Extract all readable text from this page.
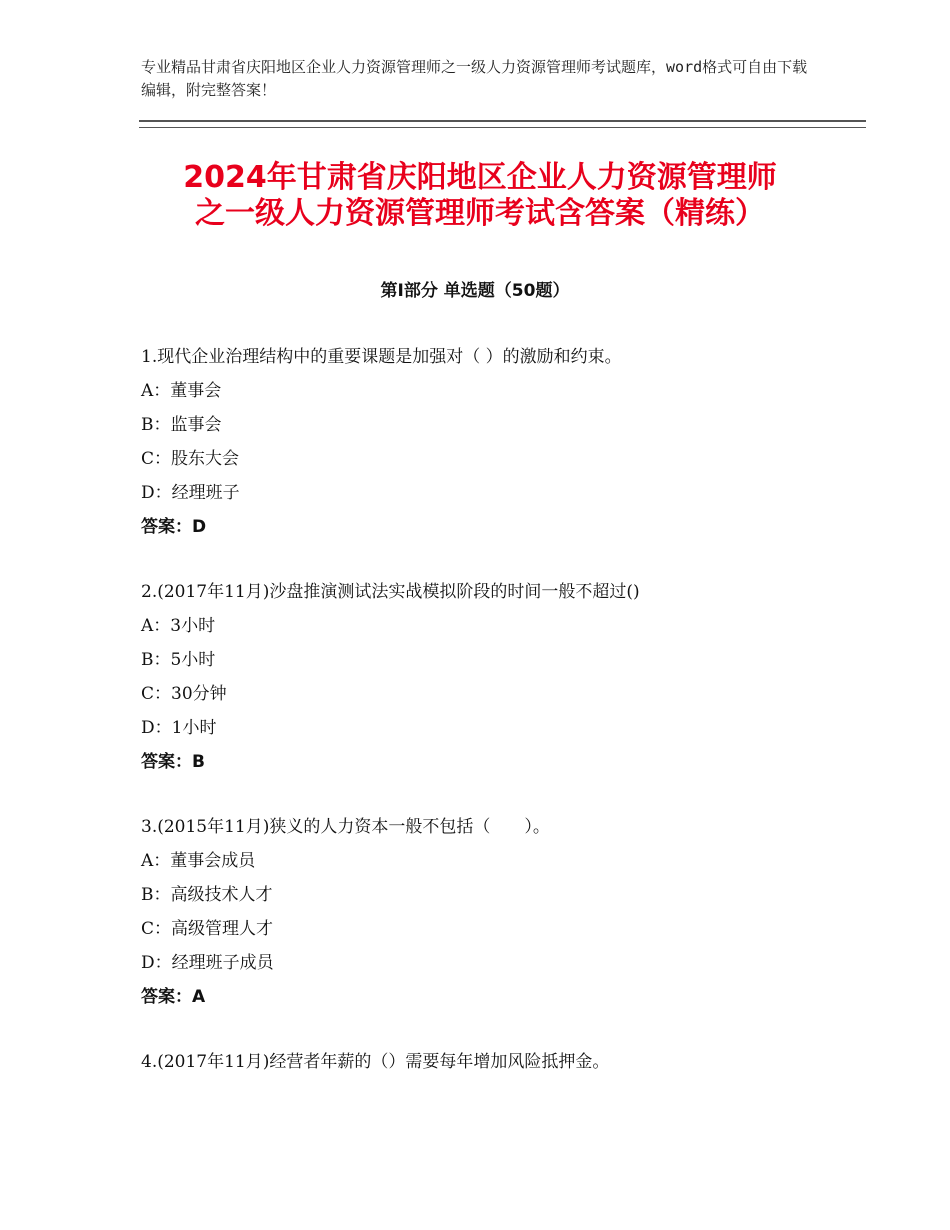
专业精品甘肃省庆阳地区企业人力资源管理师之一级人力资源管理师考试题库，word格式可自由下载编辑，附完整答案！
2024年甘肃省庆阳地区企业人力资源管理师
之一级人力资源管理师考试含答案（精练）
第Ⅰ部分 单选题（50题）
1.现代企业治理结构中的重要课题是加强对（ ）的激励和约束。
A：董事会
B：监事会
C：股东大会
D：经理班子
答案：D
2.(2017年11月)沙盘推演测试法实战模拟阶段的时间一般不超过()
A：3小时
B：5小时
C：30分钟
D：1小时
答案：B
3.(2015年11月)狭义的人力资本一般不包括（　　）。
A：董事会成员
B：高级技术人才
C：高级管理人才
D：经理班子成员
答案：A
4.(2017年11月)经营者年薪的（）需要每年增加风险抵押金。
